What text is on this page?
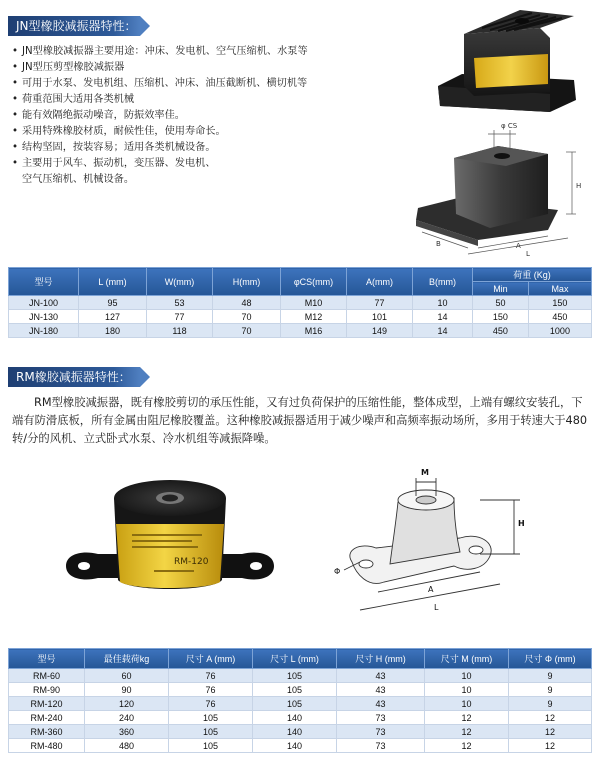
JN型橡胶减振器特性：
• JN型橡胶减振器主要用途：冲床、发电机、空气压缩机、水泵等
• JN型压剪型橡胶减振器
• 可用于水泵、发电机组、压缩机、冲床、油压截断机、横切机等
• 荷重范围大适用各类机械
• 能有效隔绝振动噪音，防振效率佳。
• 采用特殊橡胶材质，耐候性佳，使用寿命长。
• 结构坚固，按装容易；适用各类机械设备。
• 主要用于风车、振动机，变压器、发电机、
空气压缩机、机械设备。
φ CS
H
B	A
L
型号	L (mm)	W(mm)	H(mm)	φCS(mm)	A(mm)	B(mm)	荷重 (Kg)	
							Min	Max
JN-100	95	53	48	M10	77	10	50	150
JN-130	127	77	70	M12	101	14	150	450
JN-180	180	118	70	M16	149	14	450	1000
RM橡胶减振器特性：

RM型橡胶减振器，既有橡胶剪切的承压性能，又有过负荷保护的压缩性能，整体成型，上端有螺纹安装孔，下端有防滑底板，所有金属由阻尼橡胶覆盖。这种橡胶减振器适用于减少噪声和高频率振动场所，多用于转速大于480转/分的风机、立式卧式水泵、冷水机组等减振降噪。

RM-120
M
H
Φ
A
L
型号	最佳载荷kg	尺寸 A (mm)	尺寸 L (mm)	尺寸 H (mm)	尺寸 M (mm)	尺寸 Φ (mm)
RM-60	60	76	105	43	10	9
RM-90	90	76	105	43	10	9
RM-120	120	76	105	43	10	9
RM-240	240	105	140	73	12	12
RM-360	360	105	140	73	12	12
RM-480	480	105	140	73	12	12
